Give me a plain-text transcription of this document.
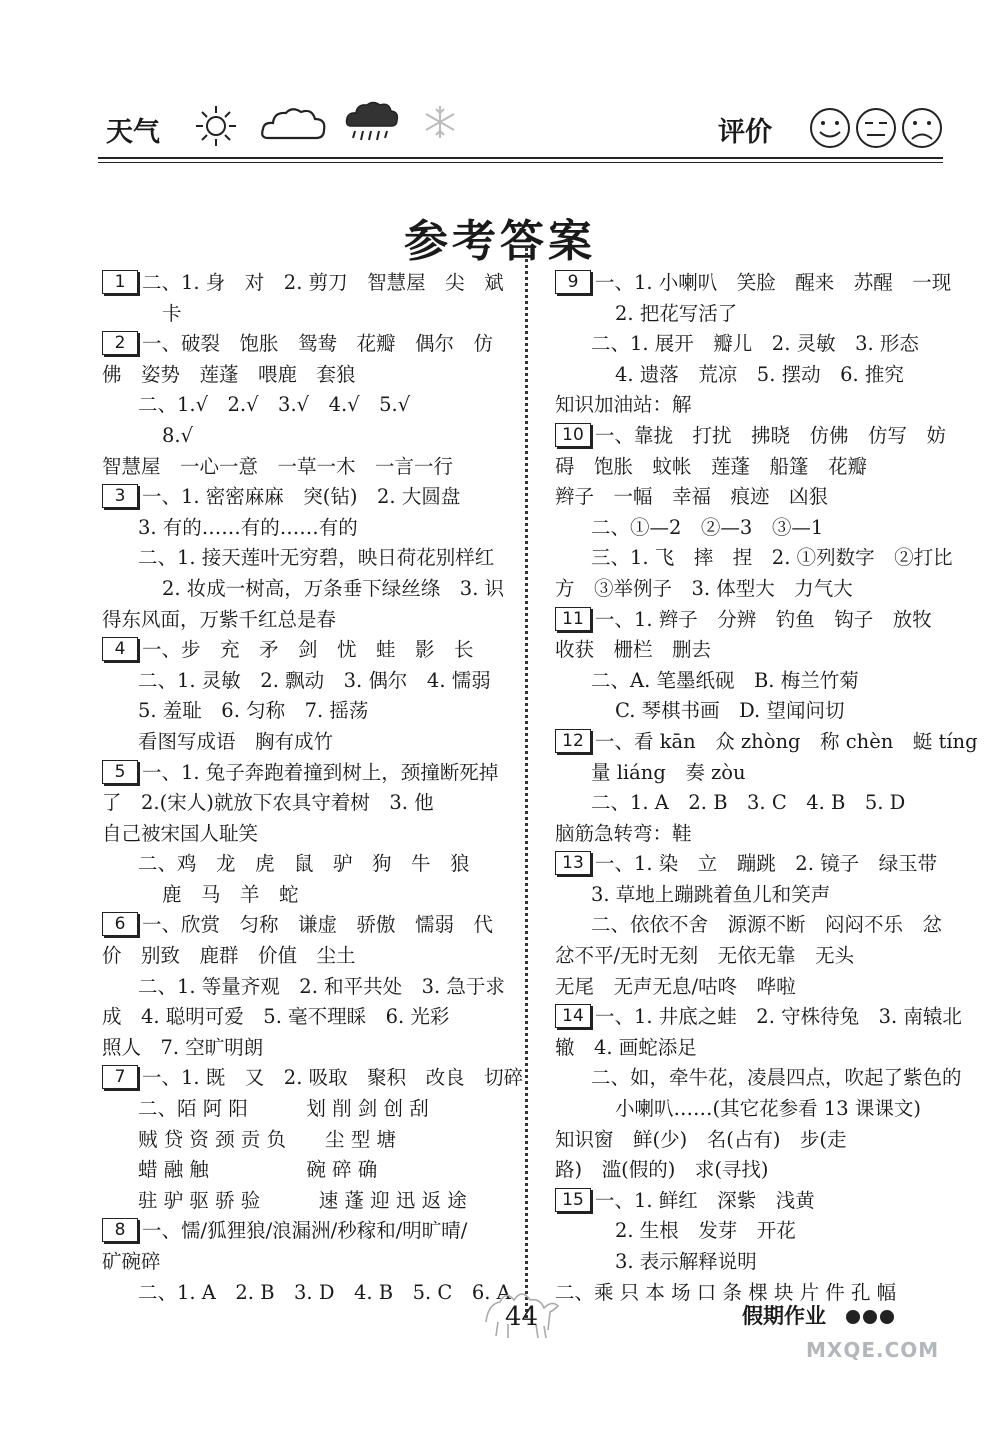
天气	评价
参考答案
1 二、1. 身　对　2. 剪刀　智慧屋　尖　斌
卡
2 一、破裂　饱胀　鸳鸯　花瓣　偶尔　仿
佛　姿势　莲蓬　喂鹿　套狼
二、1.√　2.√　3.√　4.√　5.√
8.√
智慧屋　一心一意　一草一木　一言一行
3 一、1. 密密麻麻　突(钻)　2. 大圆盘
3. 有的……有的……有的
二、1. 接天莲叶无穷碧，映日荷花别样红
2. 妆成一树高，万条垂下绿丝绦　3. 识
得东风面，万紫千红总是春
4 一、步　充　矛　剑　忧　蛙　影　长
二、1. 灵敏　2. 飘动　3. 偶尔　4. 懦弱
5. 羞耻　6. 匀称　7. 摇荡
看图写成语　胸有成竹
5 一、1. 兔子奔跑着撞到树上，颈撞断死掉
了　2.(宋人)就放下农具守着树　3. 他
自己被宋国人耻笑
二、鸡　龙　虎　鼠　驴　狗　牛　狼
鹿　马　羊　蛇
6 一、欣赏　匀称　谦虚　骄傲　懦弱　代
价　别致　鹿群　价值　尘土
二、1. 等量齐观　2. 和平共处　3. 急于求
成　4. 聪明可爱　5. 毫不理睬　6. 光彩
照人　7. 空旷明朗
7 一、1. 既　又　2. 吸取　聚积　改良　切碎
二、陌 阿 阳　　　划 削 剑 创 刮
贼 贷 资 颈 贡 负　　尘 型 塘
蜡 融 触　　　　　碗 碎 确
驻 驴 驱 骄 验　　　速 蓬 迎 迅 返 途
8 一、懦/狐狸狼/浪漏洲/秒稼和/明旷晴/
矿碗碎
二、1. A　2. B　3. D　4. B　5. C　6. A
9 一、1. 小喇叭　笑脸　醒来　苏醒　一现
2. 把花写活了
二、1. 展开　瓣儿　2. 灵敏　3. 形态
4. 遗落　荒凉　5. 摆动　6. 推究
知识加油站：解
10 一、靠拢　打扰　拂晓　仿佛　仿写　妨
碍　饱胀　蚊帐　莲蓬　船篷　花瓣
辫子　一幅　幸福　痕迹　凶狠
二、①—2　②—3　③—1
三、1. 飞　摔　捏　2. ①列数字　②打比
方　③举例子　3. 体型大　力气大
11 一、1. 辫子　分辨　钓鱼　钩子　放牧
收获　栅栏　删去
二、A. 笔墨纸砚　B. 梅兰竹菊
C. 琴棋书画　D. 望闻问切
12 一、看 kān　众 zhòng　称 chèn　蜓 tíng
量 liáng　奏 zòu
二、1. A　2. B　3. C　4. B　5. D
脑筋急转弯：鞋
13 一、1. 染　立　蹦跳　2. 镜子　绿玉带
3. 草地上蹦跳着鱼儿和笑声
二、依依不舍　源源不断　闷闷不乐　忿
忿不平/无时无刻　无依无靠　无头
无尾　无声无息/咕咚　哗啦
14 一、1. 井底之蛙　2. 守株待兔　3. 南辕北
辙　4. 画蛇添足
二、如，牵牛花，凌晨四点，吹起了紫色的
小喇叭……(其它花参看 13 课课文)
知识窗　鲜(少)　名(占有)　步(走
路)　滥(假的)　求(寻找)
15 一、1. 鲜红　深紫　浅黄
2. 生根　发芽　开花
3. 表示解释说明
二、乘 只 本 场 口 条 棵 块 片 件 孔 幅
44	假期作业
MXQE.COM
